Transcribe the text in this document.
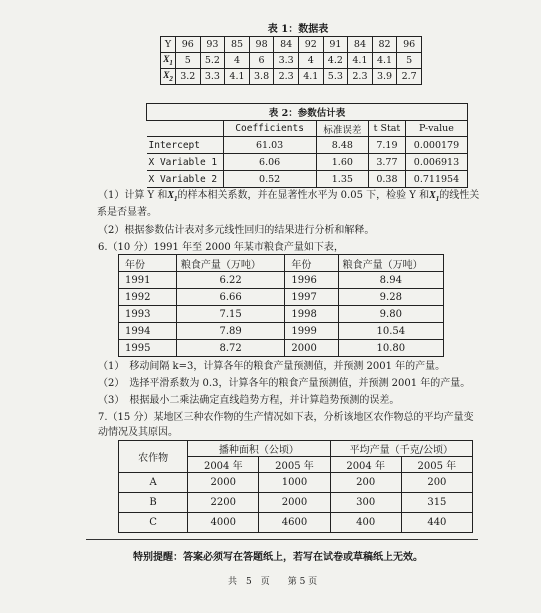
表 1：数据表
Y	96	93	85	98	84	92	91	84	82	96
$X_1$	5	5.2	4	6	3.3	4	4.2	4.1	4.1	5
$X_2$	3.2	3.3	4.1	3.8	2.3	4.1	5.3	2.3	3.9	2.7
表 2：参数估计表				
	Coefficients	标准误差	t Stat	P-value
Intercept	61.03	8.48	7.19	0.000179
X Variable 1	6.06	1.60	3.77	0.006913
X Variable 2	0.52	1.35	0.38	0.711954
（1）计算 Y 和$X_1$的样本相关系数，并在显著性水平为 0.05 下，检验 Y 和$X_1$的线性关
系是否显著。
（2）根据参数估计表对多元线性回归的结果进行分析和解释。
6.（10 分）1991 年至 2000 年某市粮食产量如下表，
年份	粮食产量（万吨）	年份	粮食产量（万吨）
1991	6.22	1996	8.94
1992	6.66	1997	9.28
1993	7.15	1998	9.80
1994	7.89	1999	10.54
1995	8.72	2000	10.80
（1）　移动间隔 k=3，计算各年的粮食产量预测值，并预测 2001 年的产量。
（2）　选择平滑系数为 0.3，计算各年的粮食产量预测值，并预测 2001 年的产量。
（3）　根据最小二乘法确定直线趋势方程，并计算趋势预测的误差。
7.（15 分）某地区三种农作物的生产情况如下表，分析该地区农作物总的平均产量变
动情况及其原因。
农作物	播种面积（公顷）		平均产量（千克/公顷）	
	2004 年	2005 年	2004 年	2005 年
A	2000	1000	200	200
B	2200	2000	300	315
C	4000	4600	400	440
特别提醒：答案必须写在答题纸上，若写在试卷或草稿纸上无效。
共　5　页　　第 5 页
